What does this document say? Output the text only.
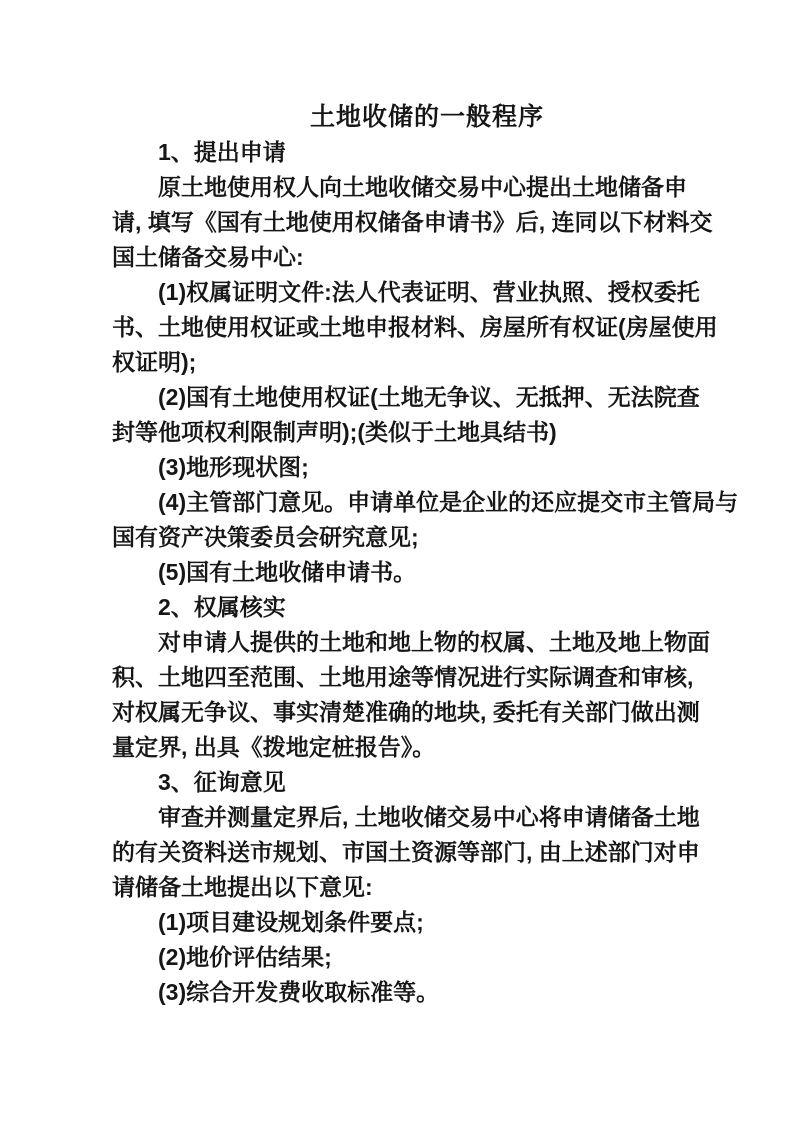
土地收储的一般程序
1、提出申请
原土地使用权人向土地收储交易中心提出土地储备申
请, 填写《国有土地使用权储备申请书》后, 连同以下材料交
国土储备交易中心:
(1)权属证明文件:法人代表证明、营业执照、授权委托
书、土地使用权证或土地申报材料、房屋所有权证(房屋使用
权证明);
(2)国有土地使用权证(土地无争议、无抵押、无法院查
封等他项权利限制声明);(类似于土地具结书)
(3)地形现状图;
(4)主管部门意见。申请单位是企业的还应提交市主管局与
国有资产决策委员会研究意见;
(5)国有土地收储申请书。
2、权属核实
对申请人提供的土地和地上物的权属、土地及地上物面
积、土地四至范围、土地用途等情况进行实际调查和审核,
对权属无争议、事实清楚准确的地块, 委托有关部门做出测
量定界, 出具《拨地定桩报告》。
3、征询意见
审查并测量定界后, 土地收储交易中心将申请储备土地
的有关资料送市规划、市国土资源等部门, 由上述部门对申
请储备土地提出以下意见:
(1)项目建设规划条件要点;
(2)地价评估结果;
(3)综合开发费收取标准等。
